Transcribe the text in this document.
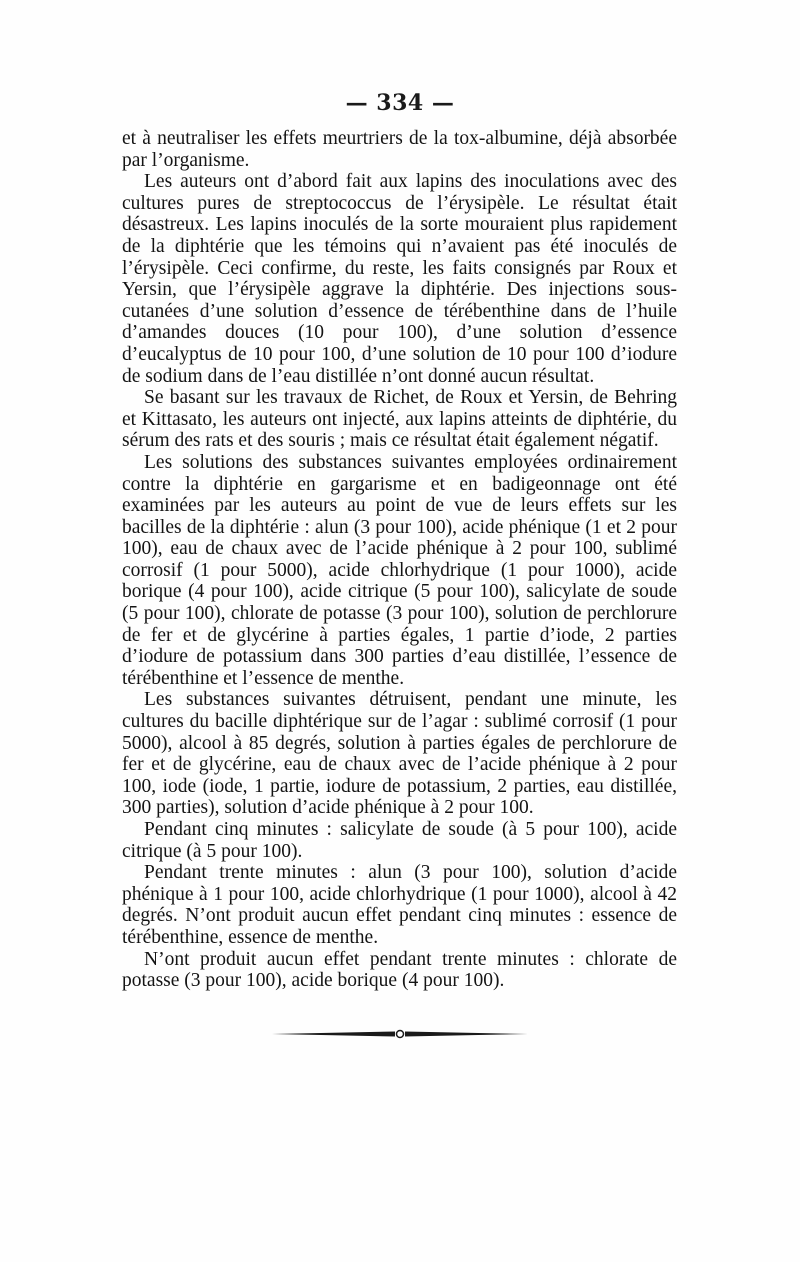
— 334 —

et à neutraliser les effets meurtriers de la tox-albumine, déjà absorbée par l’organisme.

Les auteurs ont d’abord fait aux lapins des inoculations avec des cultures pures de streptococcus de l’érysipèle. Le résultat était désastreux. Les lapins inoculés de la sorte mouraient plus rapidement de la diphtérie que les témoins qui n’avaient pas été inoculés de l’érysipèle. Ceci confirme, du reste, les faits consignés par Roux et Yersin, que l’érysipèle aggrave la diphtérie. Des injections sous-cutanées d’une solution d’essence de térébenthine dans de l’huile d’amandes douces (10 pour 100), d’une solution d’essence d’eucalyptus de 10 pour 100, d’une solution de 10 pour 100 d’iodure de sodium dans de l’eau distillée n’ont donné aucun résultat.

Se basant sur les travaux de Richet, de Roux et Yersin, de Behring et Kittasato, les auteurs ont injecté, aux lapins atteints de diphtérie, du sérum des rats et des souris ; mais ce résultat était également négatif.

Les solutions des substances suivantes employées ordinairement contre la diphtérie en gargarisme et en badigeonnage ont été examinées par les auteurs au point de vue de leurs effets sur les bacilles de la diphtérie : alun (3 pour 100), acide phénique (1 et 2 pour 100), eau de chaux avec de l’acide phénique à 2 pour 100, sublimé corrosif (1 pour 5000), acide chlorhydrique (1 pour 1000), acide borique (4 pour 100), acide citrique (5 pour 100), salicylate de soude (5 pour 100), chlorate de potasse (3 pour 100), solution de perchlorure de fer et de glycérine à parties égales, 1 partie d’iode, 2 parties d’iodure de potassium dans 300 parties d’eau distillée, l’essence de térébenthine et l’essence de menthe.

Les substances suivantes détruisent, pendant une minute, les cultures du bacille diphtérique sur de l’agar : sublimé corrosif (1 pour 5000), alcool à 85 degrés, solution à parties égales de perchlorure de fer et de glycérine, eau de chaux avec de l’acide phénique à 2 pour 100, iode (iode, 1 partie, iodure de potassium, 2 parties, eau distillée, 300 parties), solution d’acide phénique à 2 pour 100.

Pendant cinq minutes : salicylate de soude (à 5 pour 100), acide citrique (à 5 pour 100).

Pendant trente minutes : alun (3 pour 100), solution d’acide phénique à 1 pour 100, acide chlorhydrique (1 pour 1000), alcool à 42 degrés. N’ont produit aucun effet pendant cinq minutes : essence de térébenthine, essence de menthe.

N’ont produit aucun effet pendant trente minutes : chlorate de potasse (3 pour 100), acide borique (4 pour 100).
